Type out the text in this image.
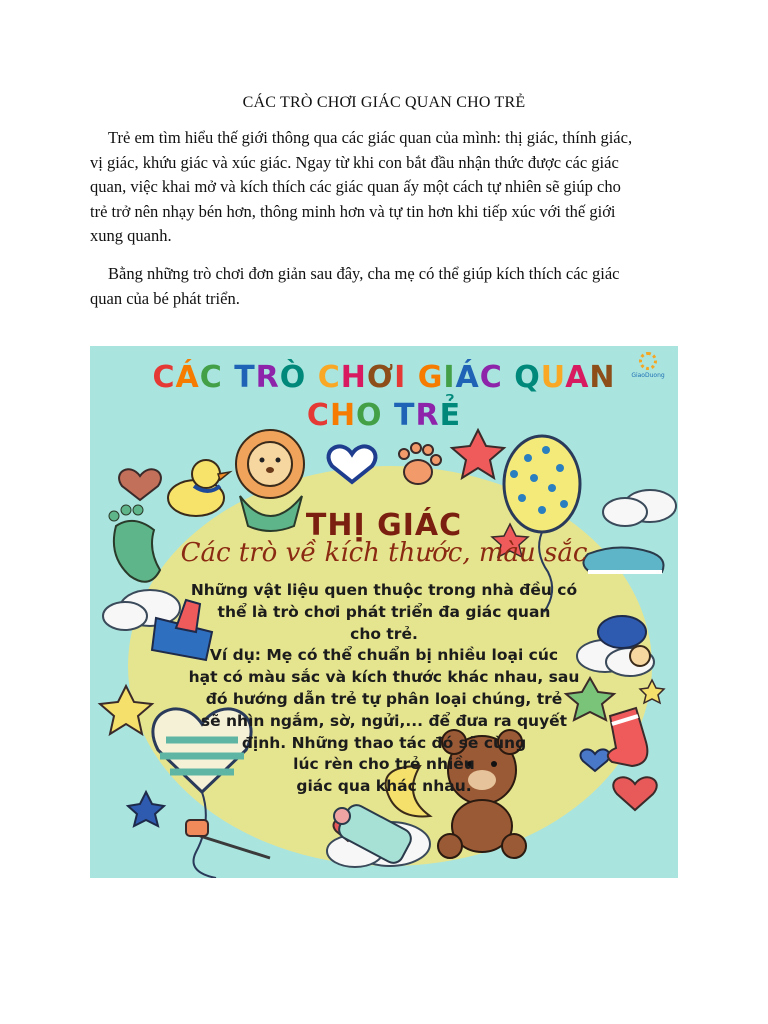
CÁC TRÒ CHƠI GIÁC QUAN CHO TRẺ

Trẻ em tìm hiểu thế giới thông qua các giác quan của mình: thị giác, thính giác,
vị giác, khứu giác và xúc giác. Ngay từ khi con bắt đầu nhận thức được các giác
quan, việc khai mở và kích thích các giác quan ấy một cách tự nhiên sẽ giúp cho
trẻ trở nên nhạy bén hơn, thông minh hơn và tự tin hơn khi tiếp xúc với thế giới
xung quanh.

Bằng những trò chơi đơn giản sau đây, cha mẹ có thể giúp kích thích các giác
quan của bé phát triển.

CÁC TRÒ CHƠI GIÁC QUAN
CHO TRẺ
GiaoDuong
THỊ GIÁC
Các trò về kích thước, màu sắc
Những vật liệu quen thuộc trong nhà đều có
thể là trò chơi phát triển đa giác quan
cho trẻ.
Ví dụ: Mẹ có thể chuẩn bị nhiều loại cúc
hạt có màu sắc và kích thước khác nhau, sau
đó hướng dẫn trẻ tự phân loại chúng, trẻ
sẽ nhìn ngắm, sờ, ngửi,... để đưa ra quyết
định. Những thao tác đó sẽ cùng
lúc rèn cho trẻ nhiều
giác qua khác nhau.
